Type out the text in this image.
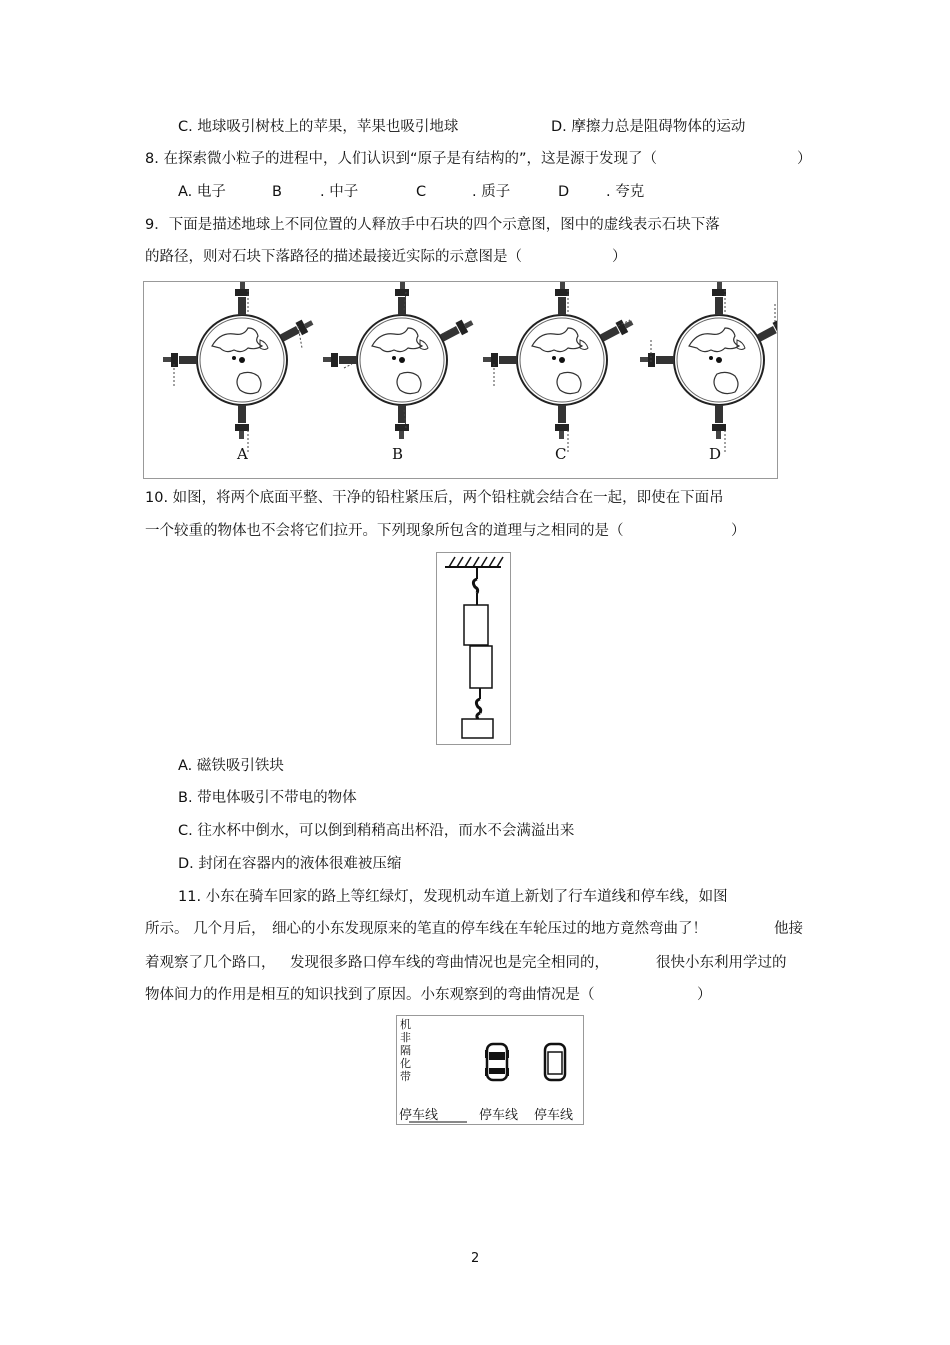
C. 地球吸引树枝上的苹果，苹果也吸引地球	D. 摩擦力总是阻碍物体的运动
8. 在探索微小粒子的进程中，人们认识到“原子是有结构的”，这是源于发现了（	）
A. 电子	B	. 中子	C	. 质子	D	. 夸克
9．下面是描述地球上不同位置的人释放手中石块的四个示意图，图中的虚线表示石块下落
的路径，则对石块下落路径的描述最接近实际的示意图是（	）
A	B	C	D
10. 如图，将两个底面平整、干净的铅柱紧压后，两个铅柱就会结合在一起，即使在下面吊
一个较重的物体也不会将它们拉开。下列现象所包含的道理与之相同的是（	）
A. 磁铁吸引铁块
B. 带电体吸引不带电的物体
C. 往水杯中倒水，可以倒到稍稍高出杯沿，而水不会满溢出来
D. 封闭在容器内的液体很难被压缩
11. 小东在骑车回家的路上等红绿灯，发现机动车道上新划了行车道线和停车线，如图
所示。 几个月后， 细心的小东发现原来的笔直的停车线在车轮压过的地方竟然弯曲了！	他接
着观察了几个路口， 发现很多路口停车线的弯曲情况也是完全相同的，	很快小东利用学过的
物体间力的作用是相互的知识找到了原因。小东观察到的弯曲情况是（	）
机非隔化带
停车线	停车线 停车线
2
